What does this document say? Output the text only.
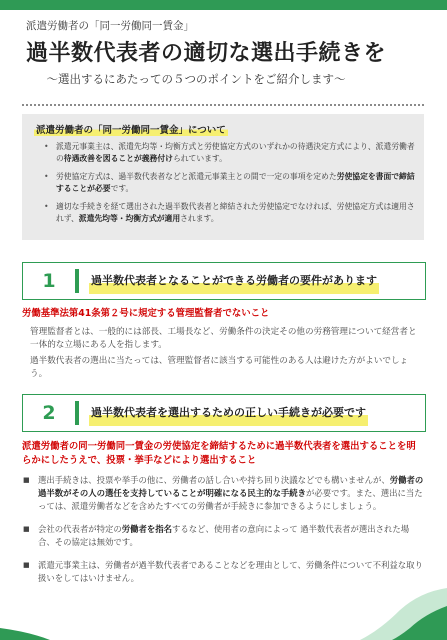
派遣労働者の「同一労働同一賃金」
過半数代表者の適切な選出手続きを
～選出するにあたっての５つのポイントをご紹介します～
派遣労働者の「同一労働同一賃金」について
• 派遣元事業主は、派遣先均等・均衡方式と労使協定方式のいずれかの待遇決定方式により、派遣労働者の待遇改善を図ることが義務付けられています。
• 労使協定方式は、過半数代表者などと派遣元事業主との間で一定の事項を定めた労使協定を書面で締結することが必要です。
• 適切な手続きを経て選出された過半数代表者と締結された労使協定でなければ、労使協定方式は適用されず、派遣先均等・均衡方式が適用されます。
1	過半数代表者となることができる労働者の要件があります
労働基準法第41条第２号に規定する管理監督者でないこと
管理監督者とは、一般的には部長、工場長など、労働条件の決定その他の労務管理について経営者と一体的な立場にある人を指します。
過半数代表者の選出に当たっては、管理監督者に該当する可能性のある人は避けた方がよいでしょう。
2	過半数代表者を選出するための正しい手続きが必要です
派遣労働者の同一労働同一賃金の労使協定を締結するために過半数代表者を選出することを明らかにしたうえで、投票・挙手などにより選出すること
■ 選出手続きは、投票や挙手の他に、労働者の話し合いや持ち回り決議などでも構いませんが、労働者の過半数がその人の選任を支持していることが明確になる民主的な手続きが必要です。また、選出に当たっては、派遣労働者などを含めたすべての労働者が手続きに参加できるようにしましょう。
■ 会社の代表者が特定の労働者を指名するなど、使用者の意向によって 過半数代表者が選出された場合、その協定は無効です。
■ 派遣元事業主は、労働者が過半数代表者であることなどを理由として、労働条件について不利益な取り扱いをしてはいけません。
